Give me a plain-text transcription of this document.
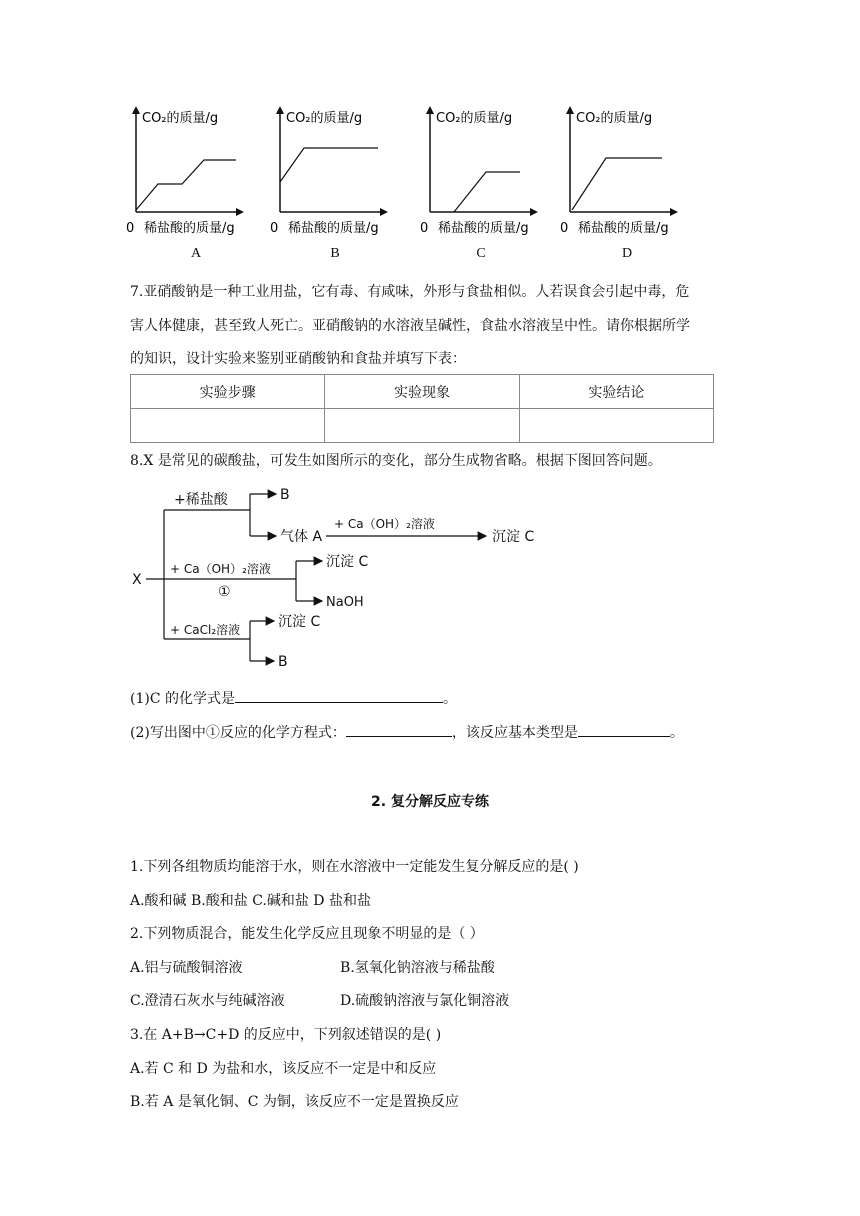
CO₂的质量/g
0 稀盐酸的质量/g
CO₂的质量/g
0 稀盐酸的质量/g
CO₂的质量/g
0 稀盐酸的质量/g
CO₂的质量/g
0 稀盐酸的质量/g
A	B	C	D
7.亚硝酸钠是一种工业用盐，它有毒、有咸味，外形与食盐相似。人若误食会引起中毒，危
害人体健康，甚至致人死亡。亚硝酸钠的水溶液呈碱性，食盐水溶液呈中性。请你根据所学
的知识，设计实验来鉴别亚硝酸钠和食盐并填写下表：
实验步骤	实验现象	实验结论

8.X 是常见的碳酸盐，可发生如图所示的变化，部分生成物省略。根据下图回答问题。
X
+稀盐酸	B
气体 A
+ Ca（OH）₂溶液
沉淀 C
+ Ca（OH）₂溶液
①
沉淀 C
NaOH
+ CaCl₂溶液	沉淀 C
B
(1)C 的化学式是	。
(2)写出图中①反应的化学方程式：	，该反应基本类型是	。
2. 复分解反应专练
1.下列各组物质均能溶于水，则在水溶液中一定能发生复分解反应的是( )
A.酸和碱 B.酸和盐 C.碱和盐 D 盐和盐
2.下列物质混合，能发生化学反应且现象不明显的是（ ）
A.铝与硫酸铜溶液	B.氢氧化钠溶液与稀盐酸
C.澄清石灰水与纯碱溶液	D.硫酸钠溶液与氯化铜溶液
3.在 A+B→C+D 的反应中，下列叙述错误的是( )
A.若 C 和 D 为盐和水，该反应不一定是中和反应
B.若 A 是氧化铜、C 为铜，该反应不一定是置换反应
